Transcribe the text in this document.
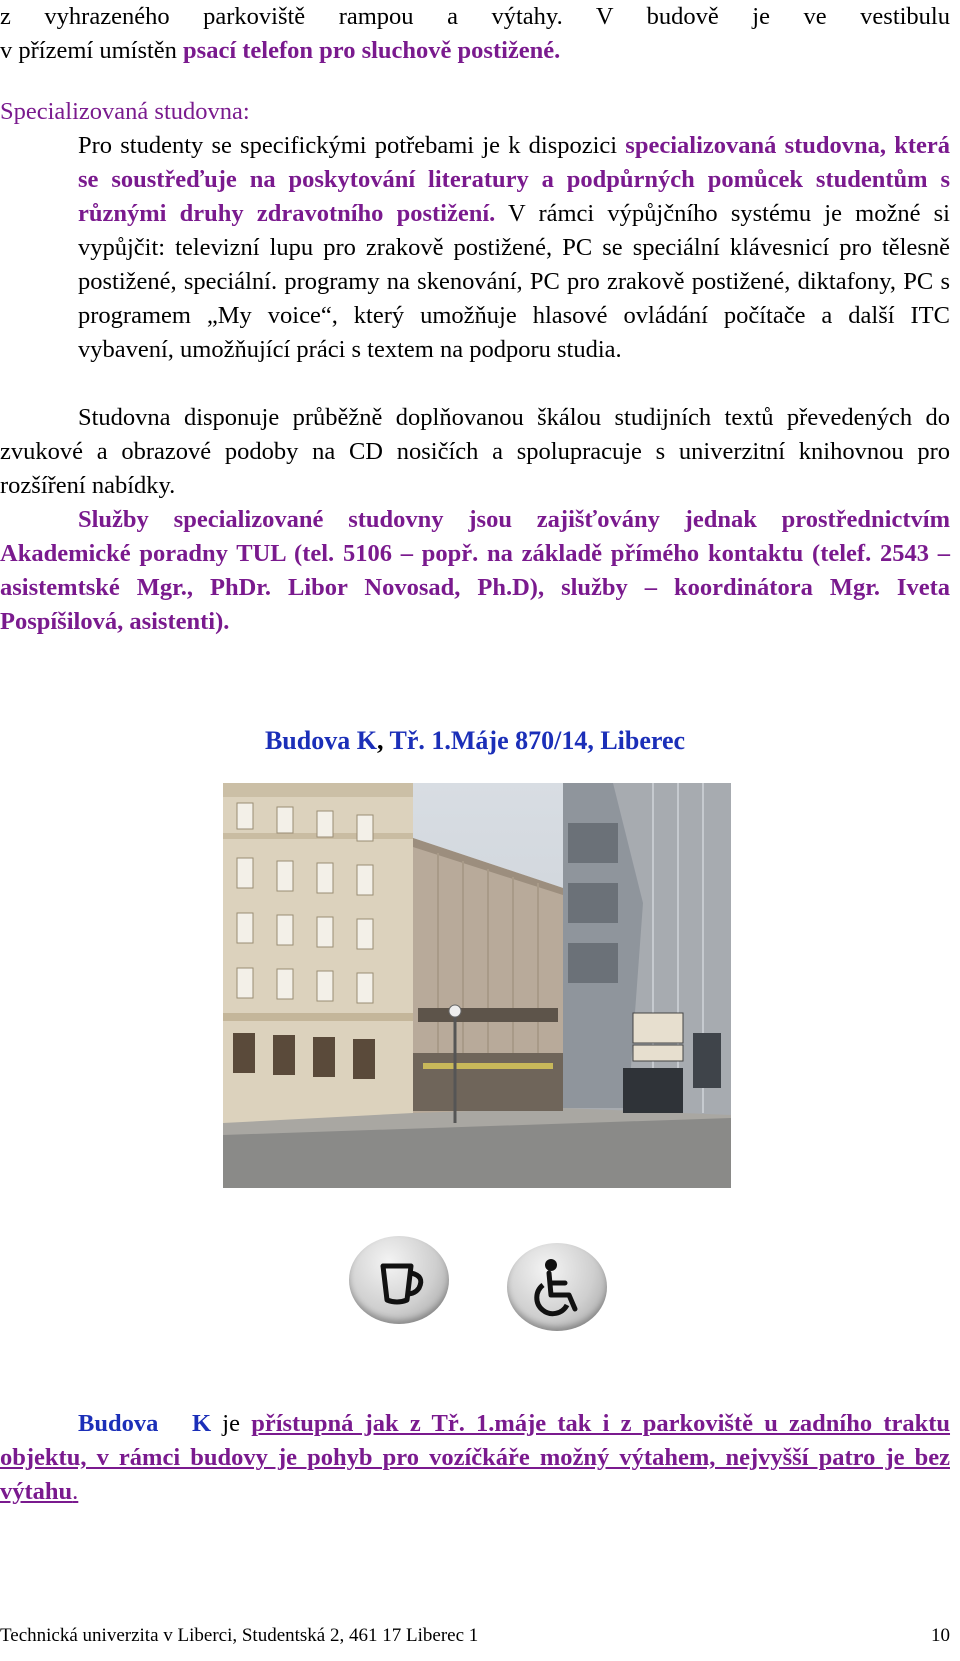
z vyhrazeného parkoviště rampou a výtahy. V budově je ve vestibulu
v přízemí umístěn psací telefon pro sluchově postižené.
Specializovaná studovna:
Pro studenty se specifickými potřebami je k dispozici specializovaná studovna, která se soustřeďuje na poskytování literatury a podpůrných pomůcek studentům s různými druhy zdravotního postižení. V rámci výpůjčního systému je možné si vypůjčit: televizní lupu pro zrakově postižené, PC se speciální klávesnicí pro tělesně postižené, speciální. programy na skenování, PC pro zrakově postižené, diktafony, PC s programem „My voice“, který umožňuje hlasové ovládání počítače a další ITC vybavení, umožňující práci s textem na podporu studia.
Studovna disponuje průběžně doplňovanou škálou studijních textů převedených do zvukové a obrazové podoby na CD nosičích a spolupracuje s univerzitní knihovnou pro rozšíření nabídky.
Služby specializované studovny jsou zajišťovány jednak prostřednictvím Akademické poradny TUL (tel. 5106 – popř. na základě přímého kontaktu (telef. 2543 – asistemtské Mgr., PhDr. Libor Novosad, Ph.D), služby – koordinátora Mgr. Iveta Pospíšilová, asistenti).
Budova K, Tř. 1.Máje 870/14, Liberec
Budova K je přístupná jak z Tř. 1.máje tak i z parkoviště u zadního traktu objektu, v rámci budovy je pohyb pro vozíčkáře možný výtahem, nejvyšší patro je bez výtahu.
Technická univerzita v Liberci, Studentská 2, 461 17 Liberec 1	10
